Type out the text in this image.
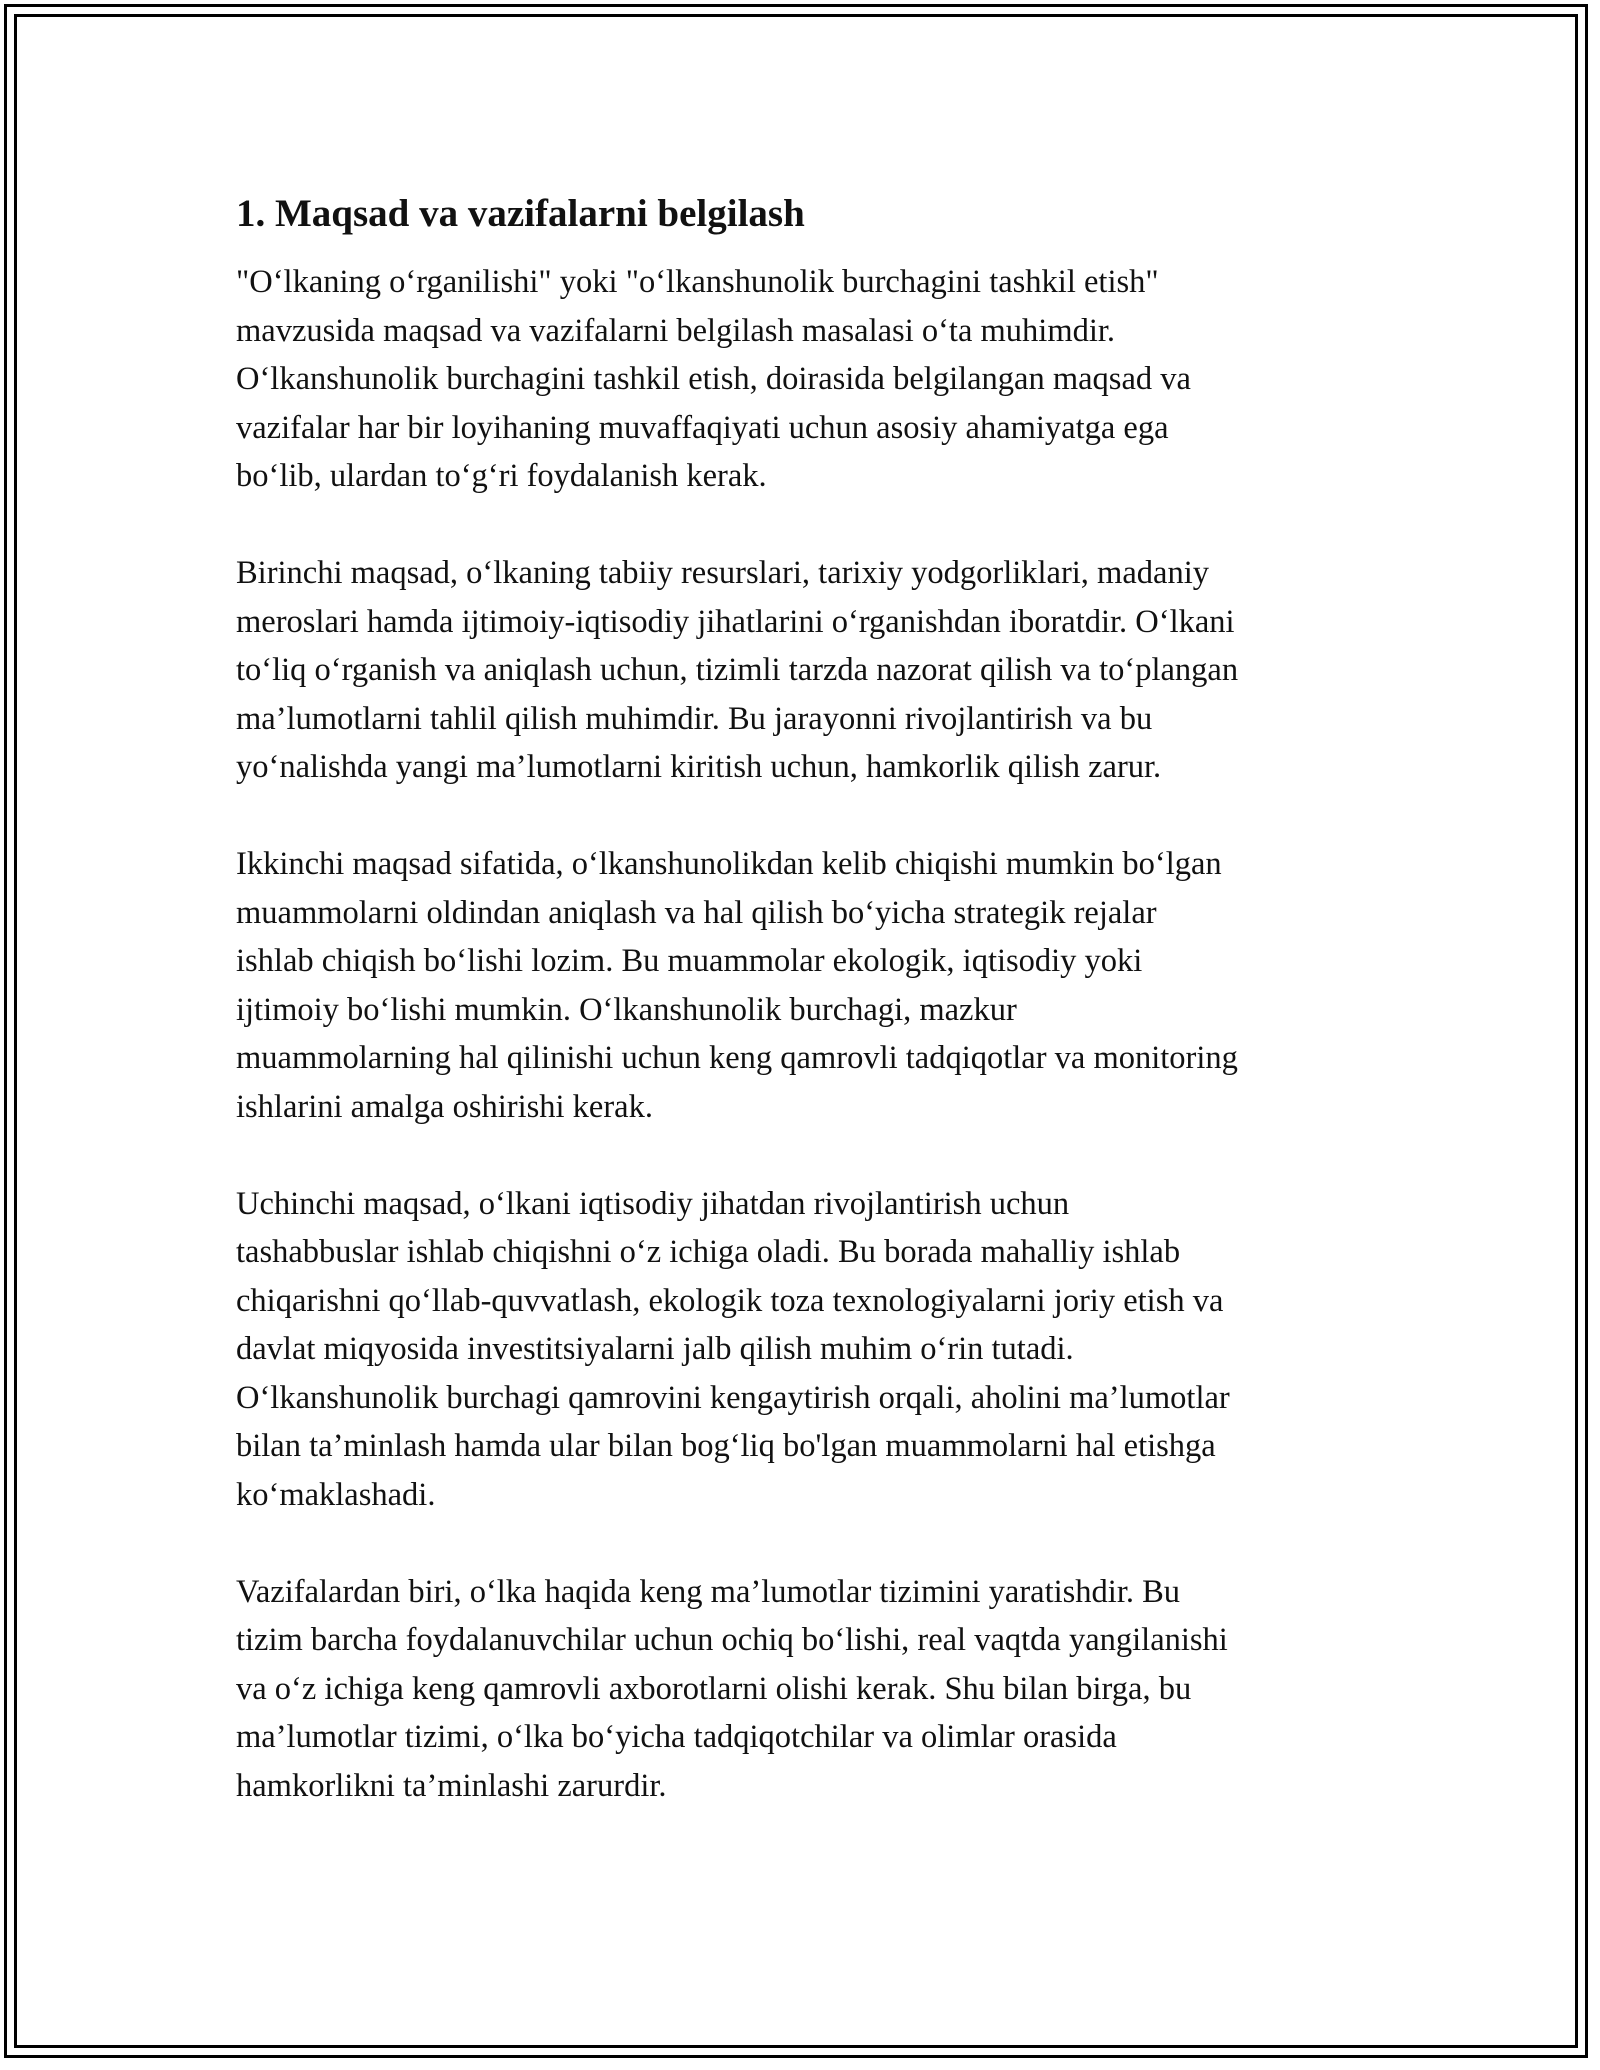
1. Maqsad va vazifalarni belgilash

"O‘lkaning o‘rganilishi" yoki "o‘lkanshunolik burchagini tashkil etish"
mavzusida maqsad va vazifalarni belgilash masalasi o‘ta muhimdir.
O‘lkanshunolik burchagini tashkil etish, doirasida belgilangan maqsad va
vazifalar har bir loyihaning muvaffaqiyati uchun asosiy ahamiyatga ega
bo‘lib, ulardan to‘g‘ri foydalanish kerak.

Birinchi maqsad, o‘lkaning tabiiy resurslari, tarixiy yodgorliklari, madaniy
meroslari hamda ijtimoiy-iqtisodiy jihatlarini o‘rganishdan iboratdir. O‘lkani
to‘liq o‘rganish va aniqlash uchun, tizimli tarzda nazorat qilish va to‘plangan
ma’lumotlarni tahlil qilish muhimdir. Bu jarayonni rivojlantirish va bu
yo‘nalishda yangi ma’lumotlarni kiritish uchun, hamkorlik qilish zarur.

Ikkinchi maqsad sifatida, o‘lkanshunolikdan kelib chiqishi mumkin bo‘lgan
muammolarni oldindan aniqlash va hal qilish bo‘yicha strategik rejalar
ishlab chiqish bo‘lishi lozim. Bu muammolar ekologik, iqtisodiy yoki
ijtimoiy bo‘lishi mumkin. O‘lkanshunolik burchagi, mazkur
muammolarning hal qilinishi uchun keng qamrovli tadqiqotlar va monitoring
ishlarini amalga oshirishi kerak.

Uchinchi maqsad, o‘lkani iqtisodiy jihatdan rivojlantirish uchun
tashabbuslar ishlab chiqishni o‘z ichiga oladi. Bu borada mahalliy ishlab
chiqarishni qo‘llab-quvvatlash, ekologik toza texnologiyalarni joriy etish va
davlat miqyosida investitsiyalarni jalb qilish muhim o‘rin tutadi.
O‘lkanshunolik burchagi qamrovini kengaytirish orqali, aholini ma’lumotlar
bilan ta’minlash hamda ular bilan bog‘liq bo'lgan muammolarni hal etishga
ko‘maklashadi.

Vazifalardan biri, o‘lka haqida keng ma’lumotlar tizimini yaratishdir. Bu
tizim barcha foydalanuvchilar uchun ochiq bo‘lishi, real vaqtda yangilanishi
va o‘z ichiga keng qamrovli axborotlarni olishi kerak. Shu bilan birga, bu
ma’lumotlar tizimi, o‘lka bo‘yicha tadqiqotchilar va olimlar orasida
hamkorlikni ta’minlashi zarurdir.
